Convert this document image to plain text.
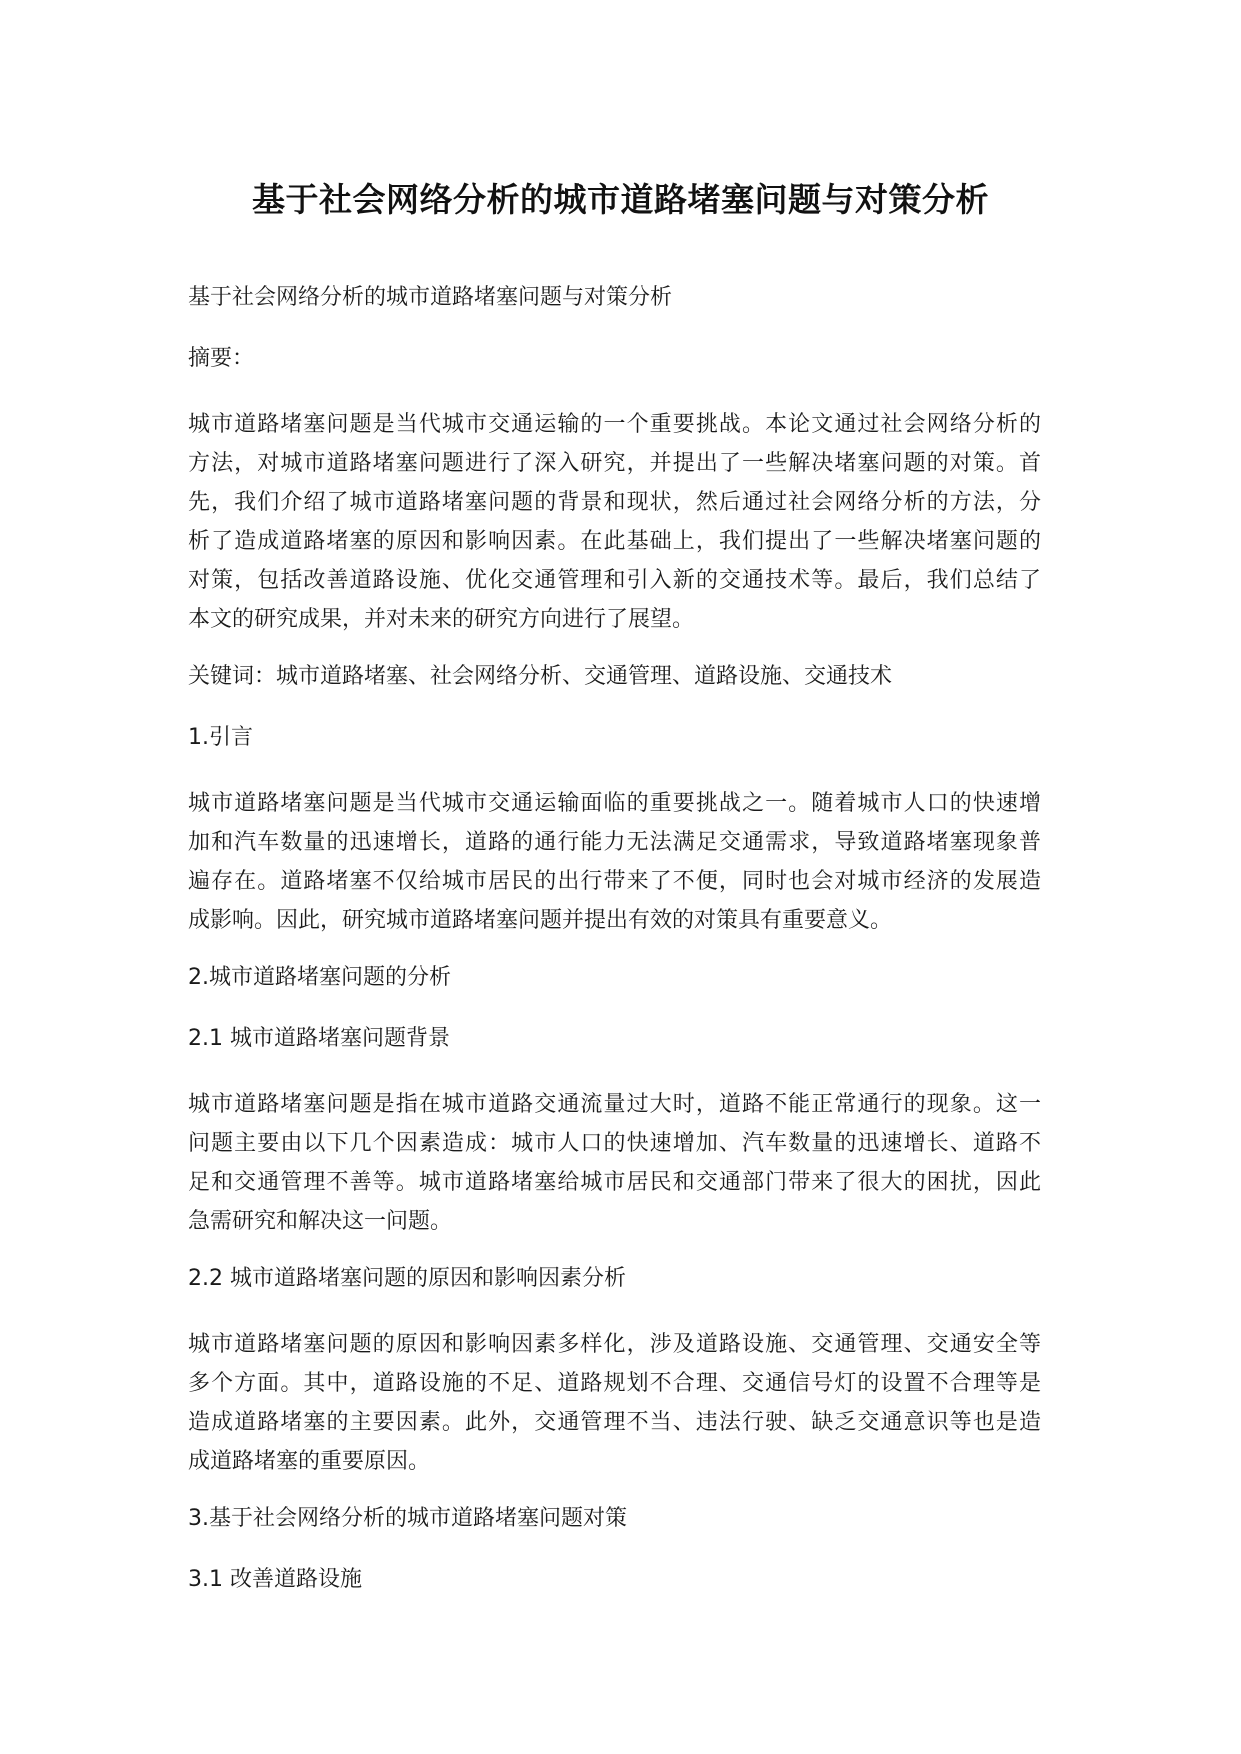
基于社会网络分析的城市道路堵塞问题与对策分析

基于社会网络分析的城市道路堵塞问题与对策分析

摘要：

城市道路堵塞问题是当代城市交通运输的一个重要挑战。本论文通过社会网络分析的
方法，对城市道路堵塞问题进行了深入研究，并提出了一些解决堵塞问题的对策。首
先，我们介绍了城市道路堵塞问题的背景和现状，然后通过社会网络分析的方法，分
析了造成道路堵塞的原因和影响因素。在此基础上，我们提出了一些解决堵塞问题的
对策，包括改善道路设施、优化交通管理和引入新的交通技术等。最后，我们总结了
本文的研究成果，并对未来的研究方向进行了展望。

关键词：城市道路堵塞、社会网络分析、交通管理、道路设施、交通技术

1.引言

城市道路堵塞问题是当代城市交通运输面临的重要挑战之一。随着城市人口的快速增
加和汽车数量的迅速增长，道路的通行能力无法满足交通需求，导致道路堵塞现象普
遍存在。道路堵塞不仅给城市居民的出行带来了不便，同时也会对城市经济的发展造
成影响。因此，研究城市道路堵塞问题并提出有效的对策具有重要意义。

2.城市道路堵塞问题的分析

2.1 城市道路堵塞问题背景

城市道路堵塞问题是指在城市道路交通流量过大时，道路不能正常通行的现象。这一
问题主要由以下几个因素造成：城市人口的快速增加、汽车数量的迅速增长、道路不
足和交通管理不善等。城市道路堵塞给城市居民和交通部门带来了很大的困扰，因此
急需研究和解决这一问题。

2.2 城市道路堵塞问题的原因和影响因素分析

城市道路堵塞问题的原因和影响因素多样化，涉及道路设施、交通管理、交通安全等
多个方面。其中，道路设施的不足、道路规划不合理、交通信号灯的设置不合理等是
造成道路堵塞的主要因素。此外，交通管理不当、违法行驶、缺乏交通意识等也是造
成道路堵塞的重要原因。

3.基于社会网络分析的城市道路堵塞问题对策

3.1 改善道路设施
